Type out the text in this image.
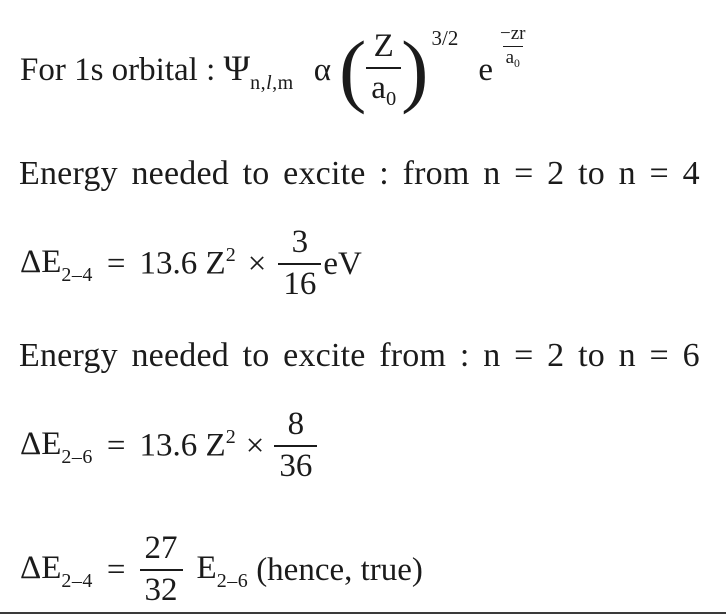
For 1s orbital : $\Psi_{n,l,m}$ α ( $\frac{Z}{a_0}$ ) 3/2
e
$\frac{-zr}{a_0}$
Energy needed to excite : from n = 2 to n = 4
$\Delta E_{2-4} = 13.6$ $Z^2 \times \frac{3}{16}$ eV
Energy needed to excite from : n = 2 to n = 6
$\Delta E_{2-6} = 13.6$ $Z^2 \times \frac{8}{36}$
$\Delta E_{2-4} = \frac{27}{32} E_{2-6}$ (hence, true)
